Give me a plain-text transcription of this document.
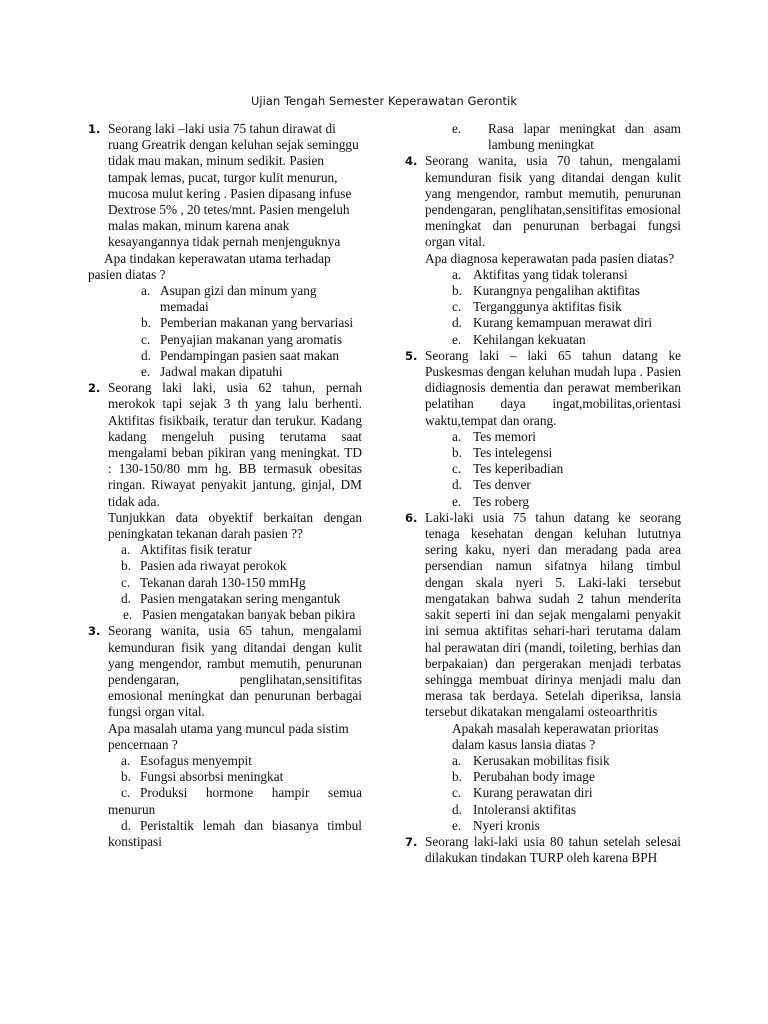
Ujian Tengah Semester Keperawatan Gerontik
1. Seorang laki –laki usia 75 tahun dirawat di ruang Greatrik dengan keluhan sejak seminggu tidak mau makan, minum sedikit. Pasien tampak lemas, pucat, turgor kulit menurun, mucosa mulut kering . Pasien dipasang infuse Dextrose 5% , 20 tetes/mnt. Pasien mengeluh malas makan, minum karena anak kesayangannya tidak pernah menjenguknya
Apa tindakan keperawatan utama terhadap pasien diatas ?
a. Asupan gizi dan minum yang memadai
b. Pemberian makanan yang bervariasi
c. Penyajian makanan yang aromatis
d. Pendampingan pasien saat makan
e. Jadwal makan dipatuhi
2. Seorang laki laki, usia 62 tahun, pernah merokok tapi sejak 3 th yang lalu berhenti. Aktifitas fisikbaik, teratur dan terukur. Kadang kadang mengeluh pusing terutama saat mengalami beban pikiran yang meningkat. TD : 130-150/80 mm hg. BB termasuk obesitas ringan. Riwayat penyakit jantung, ginjal, DM tidak ada.
Tunjukkan data obyektif berkaitan dengan peningkatan tekanan darah pasien ??
a. Aktifitas fisik teratur
b. Pasien ada riwayat perokok
c. Tekanan darah 130-150 mmHg
d. Pasien mengatakan sering mengantuk
e. Pasien mengatakan banyak beban pikira
3. Seorang wanita, usia 65 tahun, mengalami kemunduran fisik yang ditandai dengan kulit yang mengendor, rambut memutih, penurunan pendengaran, penglihatan,sensitifitas emosional meningkat dan penurunan berbagai fungsi organ vital.
Apa masalah utama yang muncul pada sistim pencernaan ?
a. Esofagus menyempit
b. Fungsi absorbsi meningkat
c. Produksi hormone hampir semua menurun
d. Peristaltik lemah dan biasanya timbul konstipasi
e. Rasa lapar meningkat dan asam lambung meningkat
4. Seorang wanita, usia 70 tahun, mengalami kemunduran fisik yang ditandai dengan kulit yang mengendor, rambut memutih, penurunan pendengaran, penglihatan,sensitifitas emosional meningkat dan penurunan berbagai fungsi organ vital.
Apa diagnosa keperawatan pada pasien diatas?
a. Aktifitas yang tidak toleransi
b. Kurangnya pengalihan aktifitas
c. Terganggunya aktifitas fisik
d. Kurang kemampuan merawat diri
e. Kehilangan kekuatan
5. Seorang laki – laki 65 tahun datang ke Puskesmas dengan keluhan mudah lupa . Pasien didiagnosis dementia dan perawat memberikan pelatihan daya ingat,mobilitas,orientasi waktu,tempat dan orang.
a. Tes memori
b. Tes intelegensi
c. Tes keperibadian
d. Tes denver
e. Tes roberg
6. Laki-laki usia 75 tahun datang ke seorang tenaga kesehatan dengan keluhan lututnya sering kaku, nyeri dan meradang pada area persendian namun sifatnya hilang timbul dengan skala nyeri 5. Laki-laki tersebut mengatakan bahwa sudah 2 tahun menderita sakit seperti ini dan sejak mengalami penyakit ini semua aktifitas sehari-hari terutama dalam hal perawatan diri (mandi, toileting, berhias dan berpakaian) dan pergerakan menjadi terbatas sehingga membuat dirinya menjadi malu dan merasa tak berdaya. Setelah diperiksa, lansia tersebut dikatakan mengalami osteoarthritis
Apakah masalah keperawatan prioritas dalam kasus lansia diatas ?
a. Kerusakan mobilitas fisik
b. Perubahan body image
c. Kurang perawatan diri
d. Intoleransi aktifitas
e. Nyeri kronis
7. Seorang laki-laki usia 80 tahun setelah selesai dilakukan tindakan TURP oleh karena BPH
